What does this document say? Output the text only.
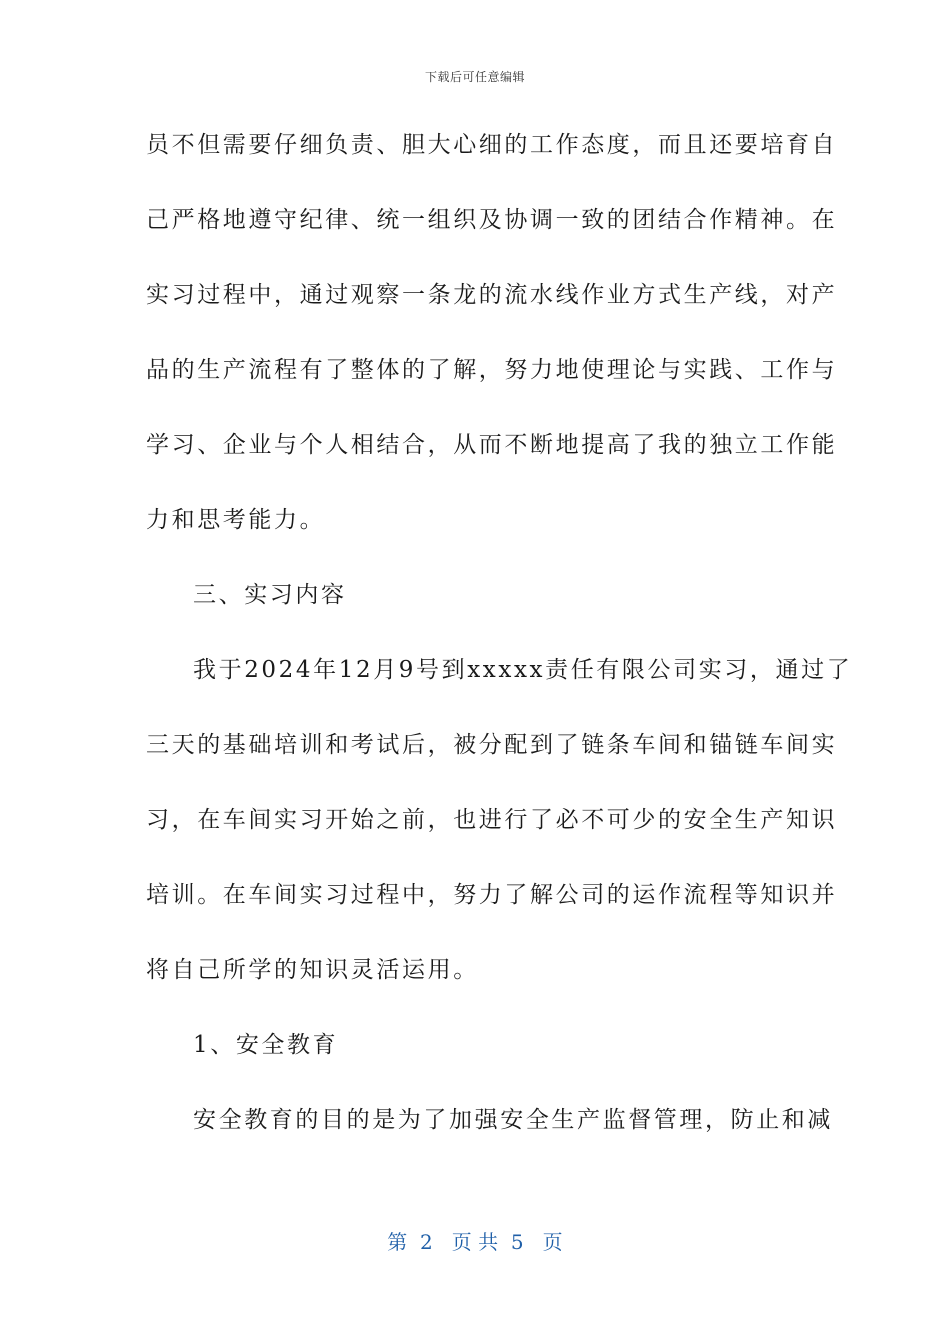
下载后可任意编辑
员不但需要仔细负责、胆大心细的工作态度，而且还要培育自
己严格地遵守纪律、统一组织及协调一致的团结合作精神。在
实习过程中，通过观察一条龙的流水线作业方式生产线，对产
品的生产流程有了整体的了解，努力地使理论与实践、工作与
学习、企业与个人相结合，从而不断地提高了我的独立工作能
力和思考能力。
三、实习内容
我于2024年12月9号到xxxxx责任有限公司实习，通过了
三天的基础培训和考试后，被分配到了链条车间和锚链车间实
习，在车间实习开始之前，也进行了必不可少的安全生产知识
培训。在车间实习过程中，努力了解公司的运作流程等知识并
将自己所学的知识灵活运用。
1、安全教育
安全教育的目的是为了加强安全生产监督管理，防止和减
第  2   页 共  5   页
